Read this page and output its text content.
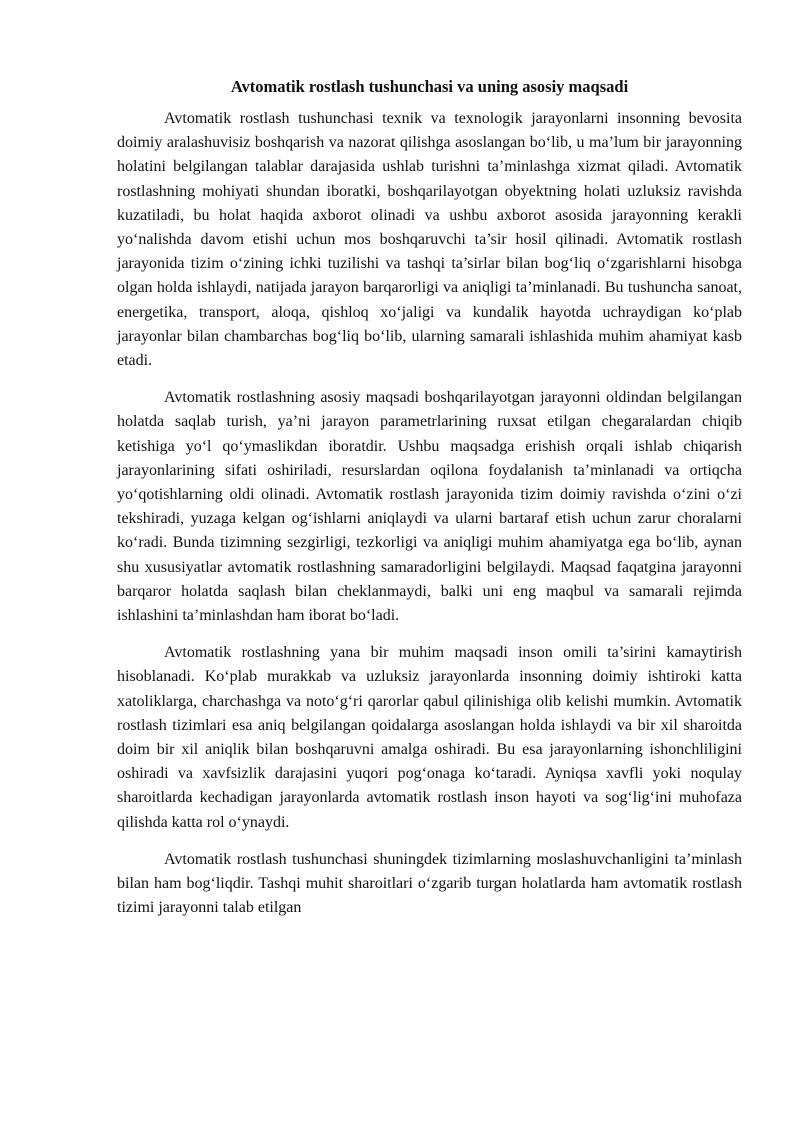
Avtomatik rostlash tushunchasi va uning asosiy maqsadi

Avtomatik rostlash tushunchasi texnik va texnologik jarayonlarni insonning bevosita doimiy aralashuvisiz boshqarish va nazorat qilishga asoslangan bo‘lib, u ma’lum bir jarayonning holatini belgilangan talablar darajasida ushlab turishni ta’minlashga xizmat qiladi. Avtomatik rostlashning mohiyati shundan iboratki, boshqarilayotgan obyektning holati uzluksiz ravishda kuzatiladi, bu holat haqida axborot olinadi va ushbu axborot asosida jarayonning kerakli yo‘nalishda davom etishi uchun mos boshqaruvchi ta’sir hosil qilinadi. Avtomatik rostlash jarayonida tizim o‘zining ichki tuzilishi va tashqi ta’sirlar bilan bog‘liq o‘zgarishlarni hisobga olgan holda ishlaydi, natijada jarayon barqarorligi va aniqligi ta’minlanadi. Bu tushuncha sanoat, energetika, transport, aloqa, qishloq xo‘jaligi va kundalik hayotda uchraydigan ko‘plab jarayonlar bilan chambarchas bog‘liq bo‘lib, ularning samarali ishlashida muhim ahamiyat kasb etadi.

Avtomatik rostlashning asosiy maqsadi boshqarilayotgan jarayonni oldindan belgilangan holatda saqlab turish, ya’ni jarayon parametrlarining ruxsat etilgan chegaralardan chiqib ketishiga yo‘l qo‘ymaslikdan iboratdir. Ushbu maqsadga erishish orqali ishlab chiqarish jarayonlarining sifati oshiriladi, resurslardan oqilona foydalanish ta’minlanadi va ortiqcha yo‘qotishlarning oldi olinadi. Avtomatik rostlash jarayonida tizim doimiy ravishda o‘zini o‘zi tekshiradi, yuzaga kelgan og‘ishlarni aniqlaydi va ularni bartaraf etish uchun zarur choralarni ko‘radi. Bunda tizimning sezgirligi, tezkorligi va aniqligi muhim ahamiyatga ega bo‘lib, aynan shu xususiyatlar avtomatik rostlashning samaradorligini belgilaydi. Maqsad faqatgina jarayonni barqaror holatda saqlash bilan cheklanmaydi, balki uni eng maqbul va samarali rejimda ishlashini ta’minlashdan ham iborat bo‘ladi.

Avtomatik rostlashning yana bir muhim maqsadi inson omili ta’sirini kamaytirish hisoblanadi. Ko‘plab murakkab va uzluksiz jarayonlarda insonning doimiy ishtiroki katta xatoliklarga, charchashga va noto‘g‘ri qarorlar qabul qilinishiga olib kelishi mumkin. Avtomatik rostlash tizimlari esa aniq belgilangan qoidalarga asoslangan holda ishlaydi va bir xil sharoitda doim bir xil aniqlik bilan boshqaruvni amalga oshiradi. Bu esa jarayonlarning ishonchliligini oshiradi va xavfsizlik darajasini yuqori pog‘onaga ko‘taradi. Ayniqsa xavfli yoki noqulay sharoitlarda kechadigan jarayonlarda avtomatik rostlash inson hayoti va sog‘lig‘ini muhofaza qilishda katta rol o‘ynaydi.

Avtomatik rostlash tushunchasi shuningdek tizimlarning moslashuvchanligini ta’minlash bilan ham bog‘liqdir. Tashqi muhit sharoitlari o‘zgarib turgan holatlarda ham avtomatik rostlash tizimi jarayonni talab etilgan
